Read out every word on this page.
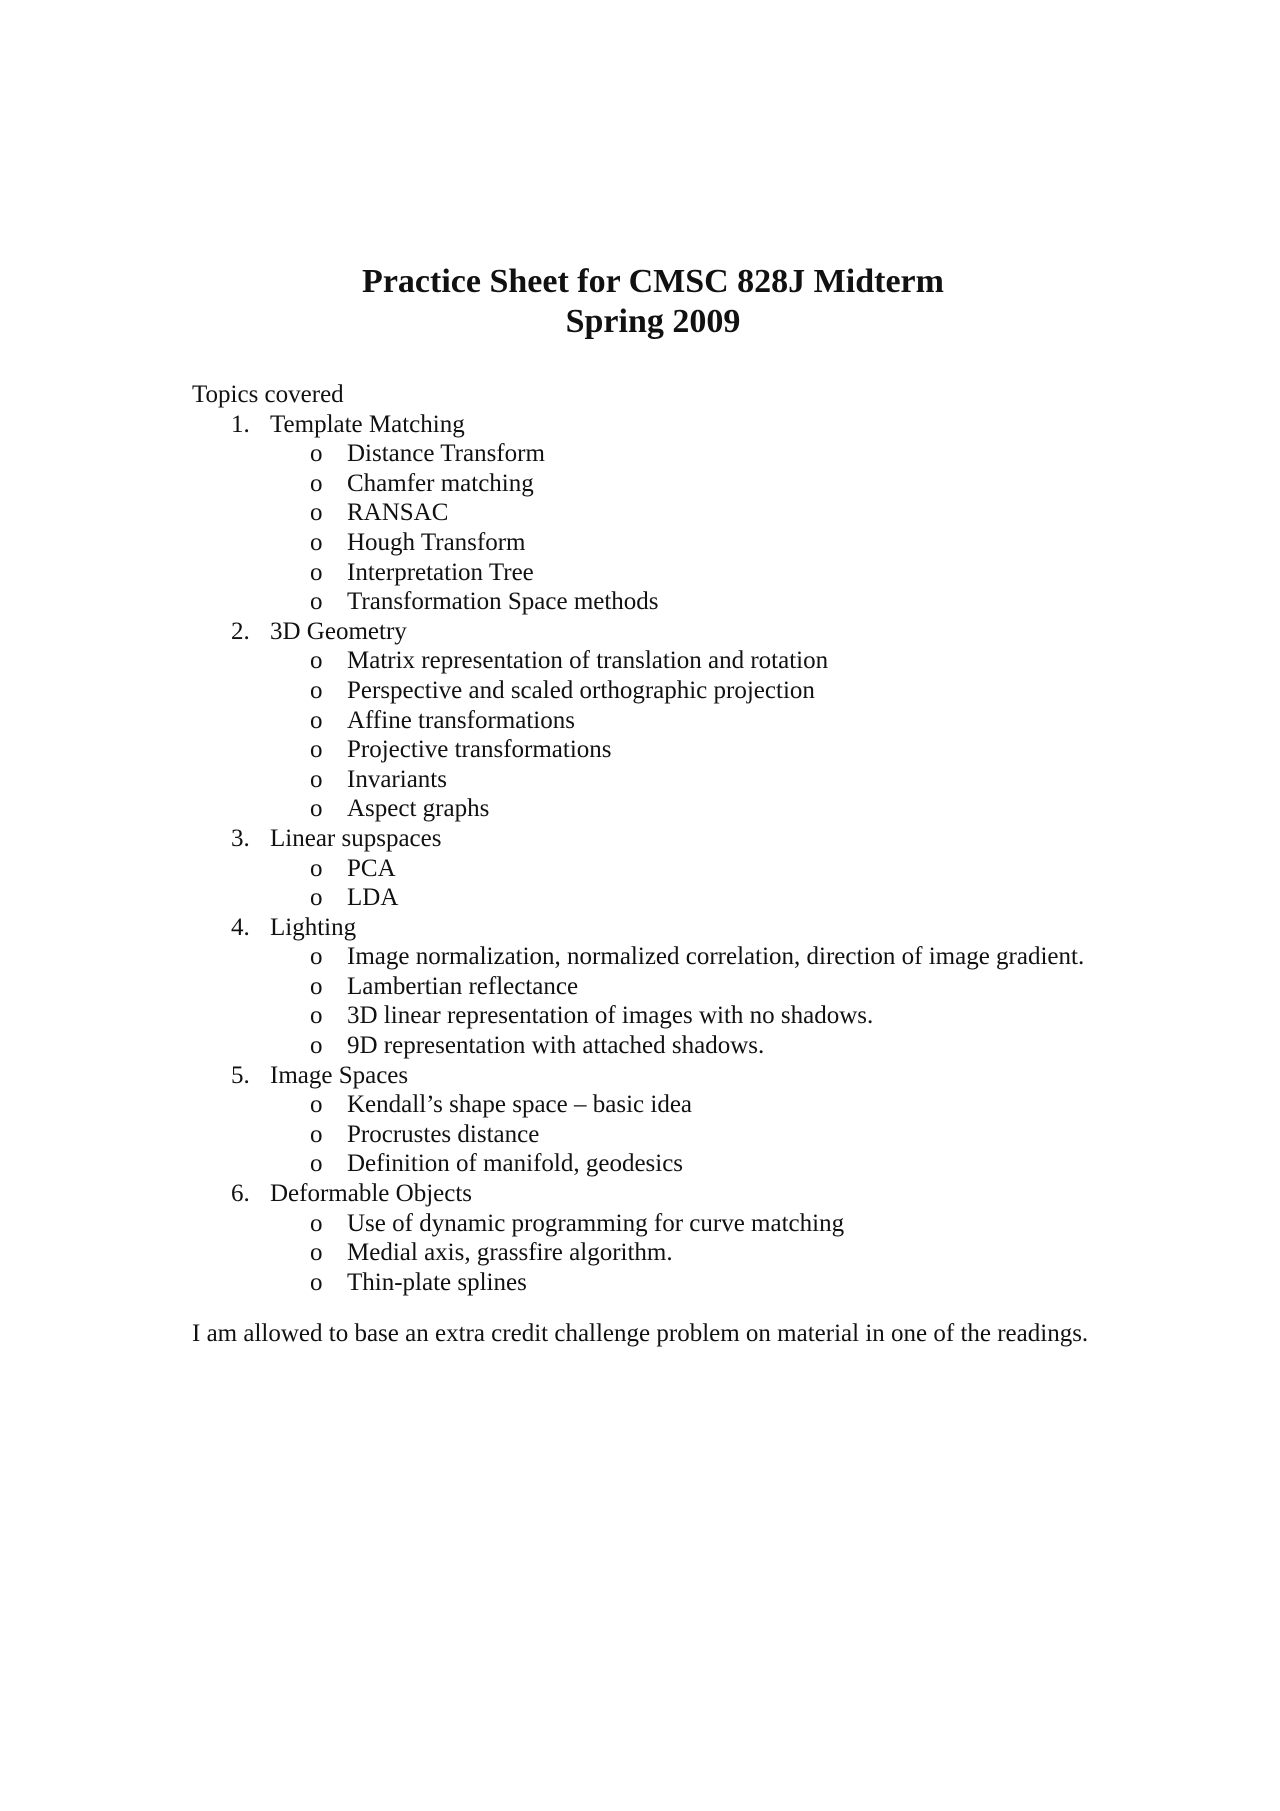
Practice Sheet for CMSC 828J Midterm
Spring 2009
Topics covered
1. Template Matching
o Distance Transform
o Chamfer matching
o RANSAC
o Hough Transform
o Interpretation Tree
o Transformation Space methods
2. 3D Geometry
o Matrix representation of translation and rotation
o Perspective and scaled orthographic projection
o Affine transformations
o Projective transformations
o Invariants
o Aspect graphs
3. Linear supspaces
o PCA
o LDA
4. Lighting
o Image normalization, normalized correlation, direction of image gradient.
o Lambertian reflectance
o 3D linear representation of images with no shadows.
o 9D representation with attached shadows.
5. Image Spaces
o Kendall’s shape space – basic idea
o Procrustes distance
o Definition of manifold, geodesics
6. Deformable Objects
o Use of dynamic programming for curve matching
o Medial axis, grassfire algorithm.
o Thin-plate splines
I am allowed to base an extra credit challenge problem on material in one of the readings.
